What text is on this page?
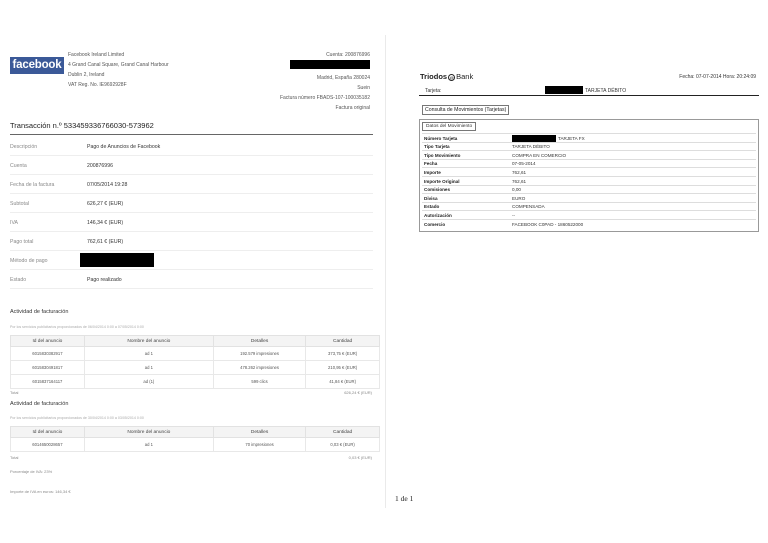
facebook
Facebook Ireland Limited
4 Grand Canal Square, Grand Canal Harbour
Dublin 2, Ireland
VAT Reg. No. IE9692928F
Cuenta: 200876996
Madrid, España 280024
Suein
Factura número FBADS-107-100035182
Factura original
Transacción n.º 533459336766030-573962
Descripción	Pago de Anuncios de Facebook
Cuenta	200876996
Fecha de la factura	07/05/2014 19:28
Subtotal	626,27 € (EUR)
IVA	146,34 € (EUR)
Pago total	762,61 € (EUR)
Método de pago
Estado	Pago realizado
Actividad de facturación
Por los servicios publicitarios proporcionados de 06/04/2014 0:00 a 07/05/2014 0:00
Id del anuncio	Nombre del anuncio	Detalles	Cantidad
6015830382917	ad 1	192.579 impresiones	373,75 € (EUR)
6015830491817	ad 1	478.262 impresiones	210,95 € (EUR)
6015837164117	ad (1)	599 clics	41,84 € (EUR)
Total	626,24 € (EUR)
Actividad de facturación
Por los servicios publicitarios proporcionados de 30/04/2014 0:00 a 03/05/2014 0:00
Id del anuncio	Nombre del anuncio	Detalles	Cantidad
6014650028657	ad 1	70 impresiones	0,03 € (EUR)
Total	0,03 € (EUR)
Porcentaje de IVA: 23%
Importe de IVA en euros: 146,34 €
Triodos @ Bank	Fecha: 07-07-2014 Hora: 20:24:09
Tarjeta:	TARJETA DÉBITO
Consulta de Movimientos (Tarjetas)
Datos del Movimiento
Número Tarjeta	TARJETA FX
Tipo Tarjeta	TARJETA DÉBITO
Tipo Movimiento	COMPRA EN COMERCIO
Fecha	07-05-2014
Importe	762,61
Importe Original	762,61
Comisiones	0,00
Divisa	EURO
Estado	COMPENSADA
Autorización	--
Comercio	FACEBOOK C0PAD - 1860522000
1 de 1
